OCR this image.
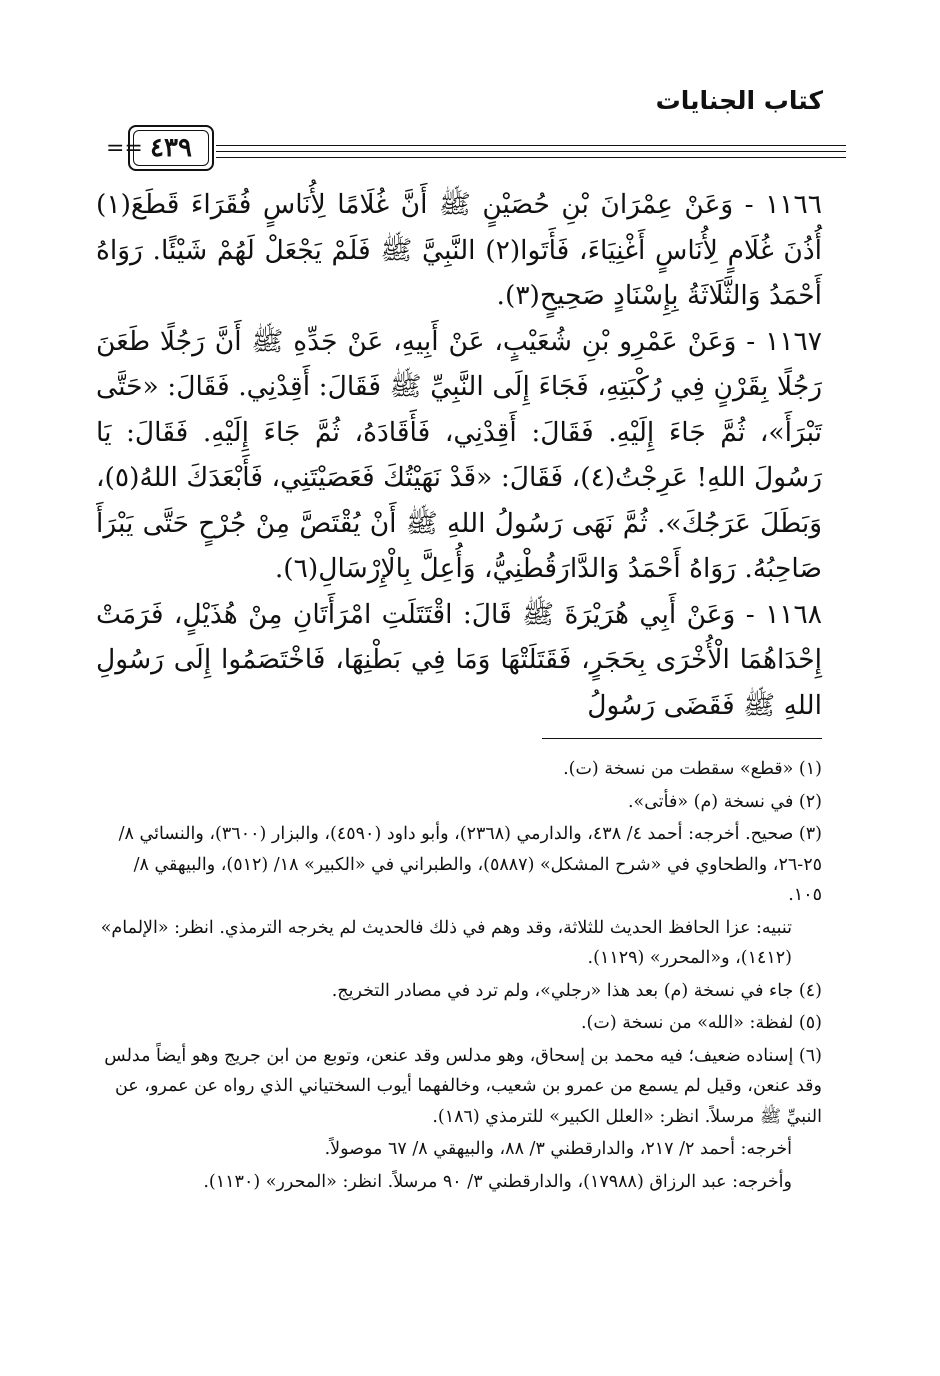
كتاب الجنايات
== ٤٣٩

١١٦٦ - وَعَنْ عِمْرَانَ بْنِ حُصَيْنٍ ﷺ أَنَّ غُلَامًا لِأُنَاسٍ فُقَرَاءَ قَطَعَ(١) أُذُنَ غُلَامٍ لِأُنَاسٍ أَغْنِيَاءَ، فَأَتَوا(٢) النَّبِيَّ ﷺ فَلَمْ يَجْعَلْ لَهُمْ شَيْئًا. رَوَاهُ أَحْمَدُ وَالثَّلَاثَةُ بِإِسْنَادٍ صَحِيحٍ(٣).

١١٦٧ - وَعَنْ عَمْرِو بْنِ شُعَيْبٍ، عَنْ أَبِيهِ، عَنْ جَدِّهِ ﷺ أَنَّ رَجُلًا طَعَنَ رَجُلًا بِقَرْنٍ فِي رُكْبَتِهِ، فَجَاءَ إِلَى النَّبِيِّ ﷺ فَقَالَ: أَقِدْنِي. فَقَالَ: «حَتَّى تَبْرَأَ»، ثُمَّ جَاءَ إِلَيْهِ. فَقَالَ: أَقِدْنِي، فَأَقَادَهُ، ثُمَّ جَاءَ إِلَيْهِ. فَقَالَ: يَا رَسُولَ اللهِ! عَرِجْتُ(٤)، فَقَالَ: «قَدْ نَهَيْتُكَ فَعَصَيْتَنِي، فَأَبْعَدَكَ اللهُ(٥)، وَبَطَلَ عَرَجُكَ». ثُمَّ نَهَى رَسُولُ اللهِ ﷺ أَنْ يُقْتَصَّ مِنْ جُرْحٍ حَتَّى يَبْرَأَ صَاحِبُهُ. رَوَاهُ أَحْمَدُ وَالدَّارَقُطْنِيُّ، وَأُعِلَّ بِالْإِرْسَالِ(٦).

١١٦٨ - وَعَنْ أَبِي هُرَيْرَةَ ﷺ قَالَ: اقْتَتَلَتِ امْرَأَتَانِ مِنْ هُذَيْلٍ، فَرَمَتْ إِحْدَاهُمَا الْأُخْرَى بِحَجَرٍ، فَقَتَلَتْهَا وَمَا فِي بَطْنِهَا، فَاخْتَصَمُوا إِلَى رَسُولِ اللهِ ﷺ فَقَضَى رَسُولُ

(١) «قطع» سقطت من نسخة (ت).

(٢) في نسخة (م) «فأتى».

(٣) صحيح. أخرجه: أحمد ٤/ ٤٣٨، والدارمي (٢٣٦٨)، وأبو داود (٤٥٩٠)، والبزار (٣٦٠٠)، والنسائي ٨/ ٢٥-٢٦، والطحاوي في «شرح المشكل» (٥٨٨٧)، والطبراني في «الكبير» ١٨/ (٥١٢)، والبيهقي ٨/ ١٠٥.

تنبيه: عزا الحافظ الحديث للثلاثة، وقد وهم في ذلك فالحديث لم يخرجه الترمذي. انظر: «الإلمام» (١٤١٢)، و«المحرر» (١١٢٩).

(٤) جاء في نسخة (م) بعد هذا «رجلي»، ولم ترد في مصادر التخريج.

(٥) لفظة: «الله» من نسخة (ت).

(٦) إسناده ضعيف؛ فيه محمد بن إسحاق، وهو مدلس وقد عنعن، وتوبع من ابن جريج وهو أيضاً مدلس وقد عنعن، وقيل لم يسمع من عمرو بن شعيب، وخالفهما أيوب السختياني الذي رواه عن عمرو، عن النبيِّ ﷺ مرسلاً. انظر: «العلل الكبير» للترمذي (١٨٦).

أخرجه: أحمد ٢/ ٢١٧، والدارقطني ٣/ ٨٨، والبيهقي ٨/ ٦٧ موصولاً.

وأخرجه: عبد الرزاق (١٧٩٨٨)، والدارقطني ٣/ ٩٠ مرسلاً. انظر: «المحرر» (١١٣٠).
